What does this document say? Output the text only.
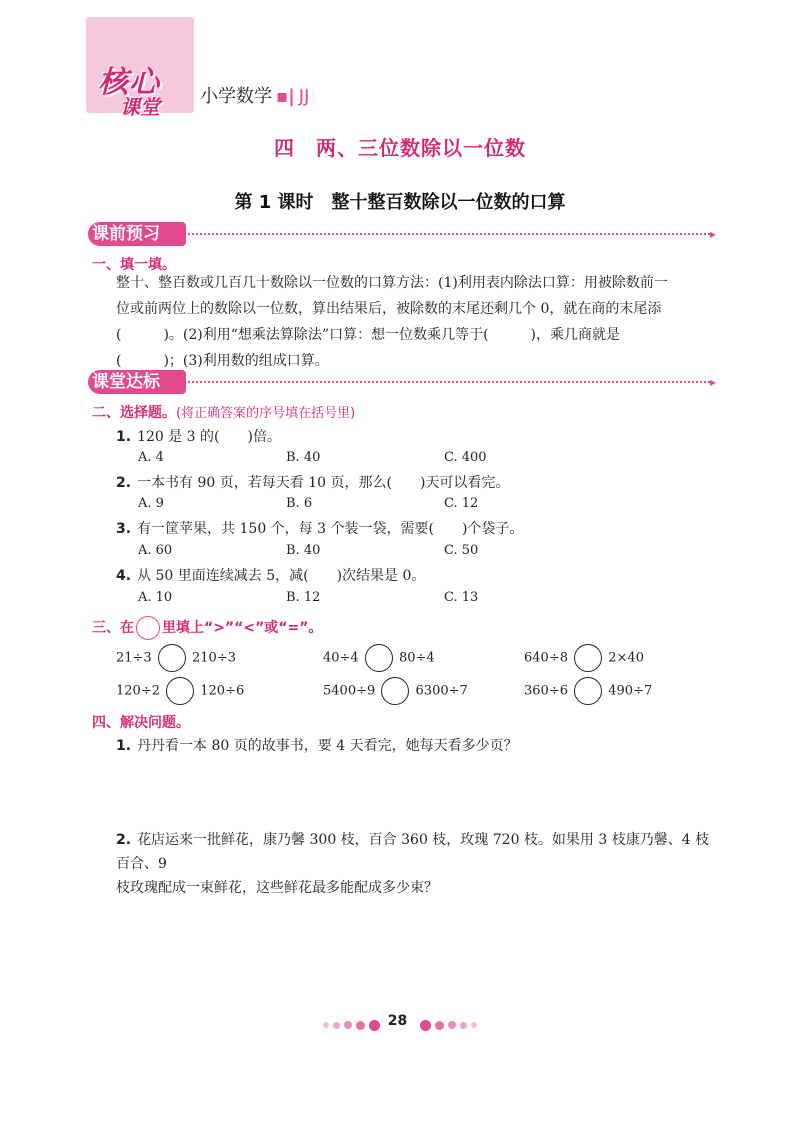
核心
课堂 小学数学 ▪| JJ
四　两、三位数除以一位数
第 1 课时　整十整百数除以一位数的口算
课前预习	▸
一、填一填。
整十、整百数或几百几十数除以一位数的口算方法：(1)利用表内除法口算：用被除数前一
位或前两位上的数除以一位数，算出结果后，被除数的末尾还剩几个 0，就在商的末尾添
(　　　)。(2)利用“想乘法算除法”口算：想一位数乘几等于(　　　)，乘几商就是
(　　　)；(3)利用数的组成口算。
课堂达标	▸
二、选择题。(将正确答案的序号填在括号里)
1. 120 是 3 的(　　)倍。
A. 4	B. 40	C. 400
2. 一本书有 90 页，若每天看 10 页，那么(　　)天可以看完。
A. 9	B. 6	C. 12
3. 有一筐苹果，共 150 个，每 3 个装一袋，需要(　　)个袋子。
A. 60	B. 40	C. 50
4. 从 50 里面连续减去 5，减(　　)次结果是 0。
A. 10	B. 12	C. 13
三、在 里填上“>”“<”或“=”。
21÷3	210÷3	40÷4	80÷4	640÷8	2×40
120÷2	120÷6	5400÷9	6300÷7	360÷6	490÷7
四、解决问题。
1. 丹丹看一本 80 页的故事书，要 4 天看完，她每天看多少页？
2. 花店运来一批鲜花，康乃馨 300 枝，百合 360 枝，玫瑰 720 枝。如果用 3 枝康乃馨、4 枝百合、9
枝玫瑰配成一束鲜花，这些鲜花最多能配成多少束？
28
